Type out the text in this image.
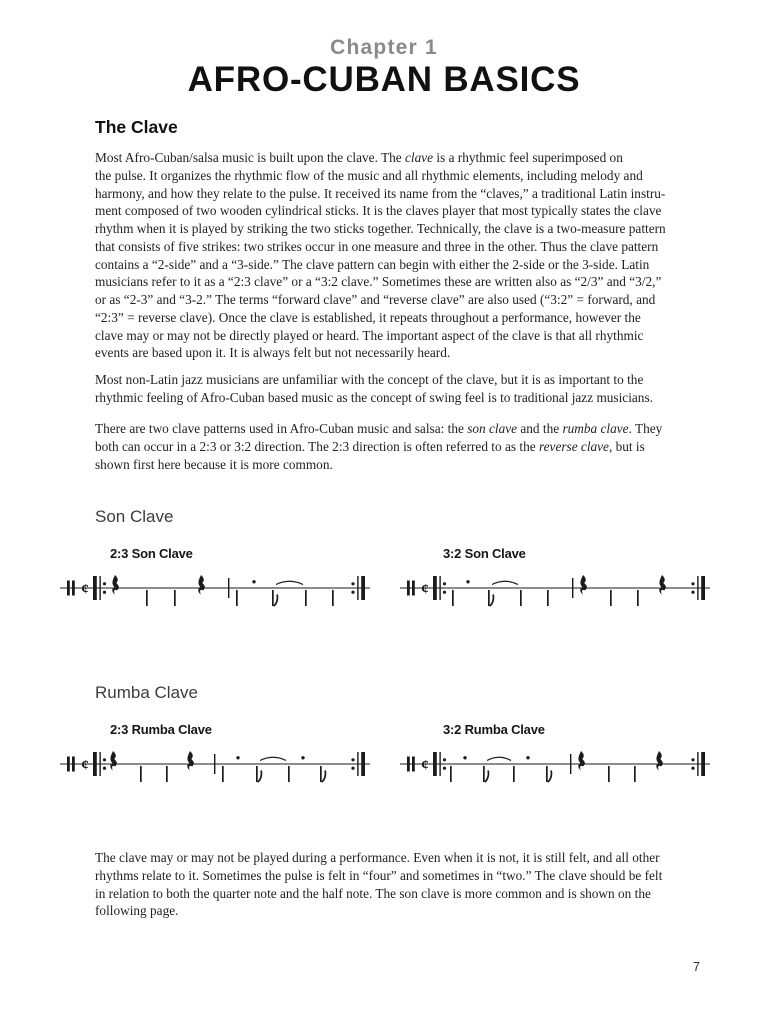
Chapter 1
AFRO-CUBAN BASICS
The Clave
Most Afro-Cuban/salsa music is built upon the clave. The clave is a rhythmic feel superimposed on
the pulse. It organizes the rhythmic flow of the music and all rhythmic elements, including melody and
harmony, and how they relate to the pulse. It received its name from the “claves,” a traditional Latin instru-
ment composed of two wooden cylindrical sticks. It is the claves player that most typically states the clave
rhythm when it is played by striking the two sticks together. Technically, the clave is a two-measure pattern
that consists of five strikes: two strikes occur in one measure and three in the other. Thus the clave pattern
contains a “2-side” and a “3-side.” The clave pattern can begin with either the 2-side or the 3-side. Latin
musicians refer to it as a “2:3 clave” or a “3:2 clave.” Sometimes these are written also as “2/3” and “3/2,”
or as “2-3” and “3-2.” The terms “forward clave” and “reverse clave” are also used (“3:2” = forward, and
“2:3” = reverse clave). Once the clave is established, it repeats throughout a performance, however the
clave may or may not be directly played or heard. The important aspect of the clave is that all rhythmic
events are based upon it. It is always felt but not necessarily heard.
Most non-Latin jazz musicians are unfamiliar with the concept of the clave, but it is as important to the
rhythmic feeling of Afro-Cuban based music as the concept of swing feel is to traditional jazz musicians.
There are two clave patterns used in Afro-Cuban music and salsa: the son clave and the rumba clave. They
both can occur in a 2:3 or 3:2 direction. The 2:3 direction is often referred to as the reverse clave, but is
shown first here because it is more common.
Son Clave
2:3 Son Clave	3:2 Son Clave
¢	¢
Rumba Clave
2:3 Rumba Clave	3:2 Rumba Clave
¢	¢
The clave may or may not be played during a performance. Even when it is not, it is still felt, and all other
rhythms relate to it. Sometimes the pulse is felt in “four” and sometimes in “two.” The clave should be felt
in relation to both the quarter note and the half note. The son clave is more common and is shown on the
following page.
7
